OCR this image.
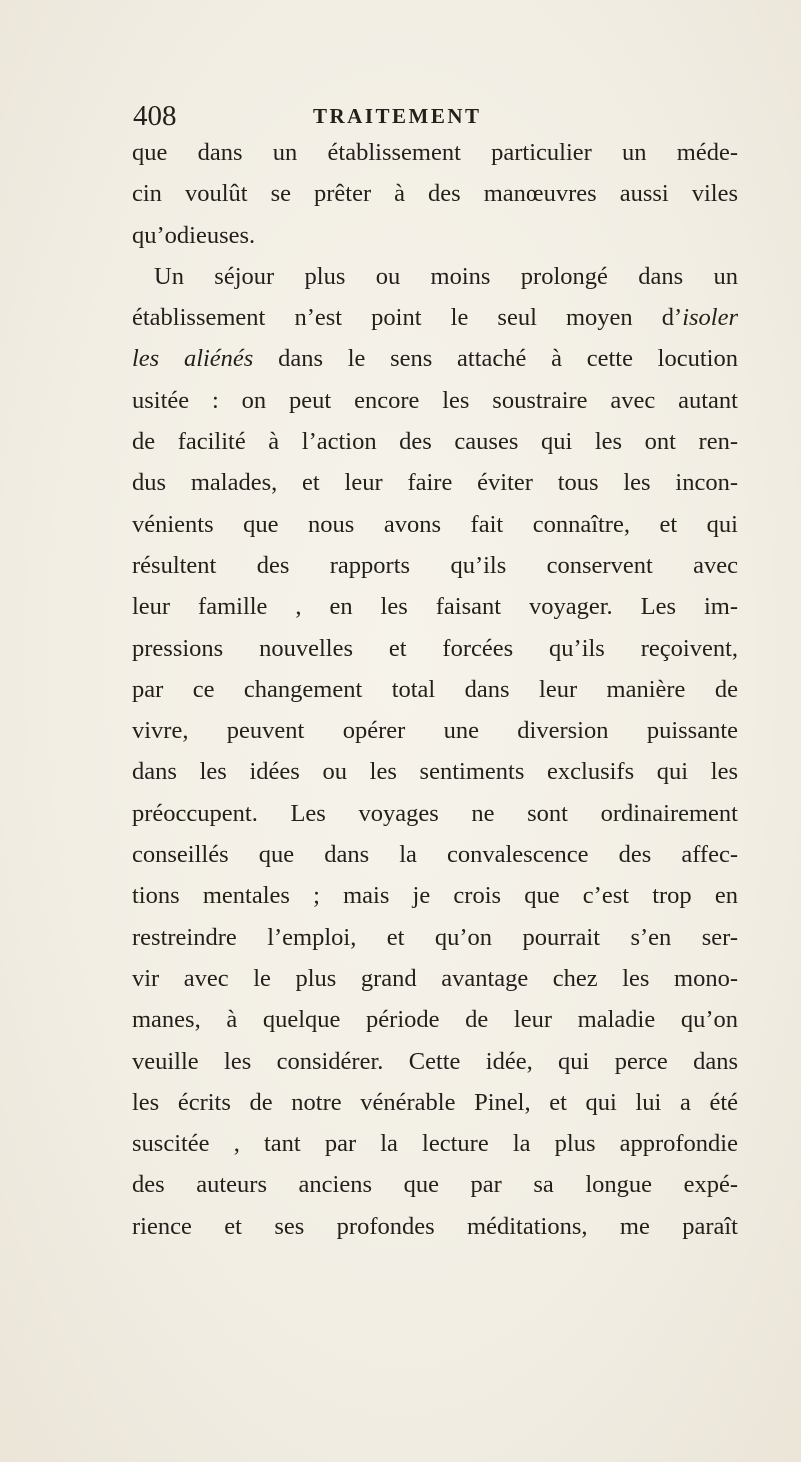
408	TRAITEMENT
que dans un établissement particulier un méde-
cin voulût se prêter à des manœuvres aussi viles
qu’odieuses.
Un séjour plus ou moins prolongé dans un
établissement n’est point le seul moyen d’isoler
les aliénés dans le sens attaché à cette locution
usitée : on peut encore les soustraire avec autant
de facilité à l’action des causes qui les ont ren-
dus malades, et leur faire éviter tous les incon-
vénients que nous avons fait connaître, et qui
résultent des rapports qu’ils conservent avec
leur famille , en les faisant voyager. Les im-
pressions nouvelles et forcées qu’ils reçoivent,
par ce changement total dans leur manière de
vivre, peuvent opérer une diversion puissante
dans les idées ou les sentiments exclusifs qui les
préoccupent. Les voyages ne sont ordinairement
conseillés que dans la convalescence des affec-
tions mentales ; mais je crois que c’est trop en
restreindre l’emploi, et qu’on pourrait s’en ser-
vir avec le plus grand avantage chez les mono-
manes, à quelque période de leur maladie qu’on
veuille les considérer. Cette idée, qui perce dans
les écrits de notre vénérable Pinel, et qui lui a été
suscitée , tant par la lecture la plus approfondie
des auteurs anciens que par sa longue expé-
rience et ses profondes méditations, me paraît
